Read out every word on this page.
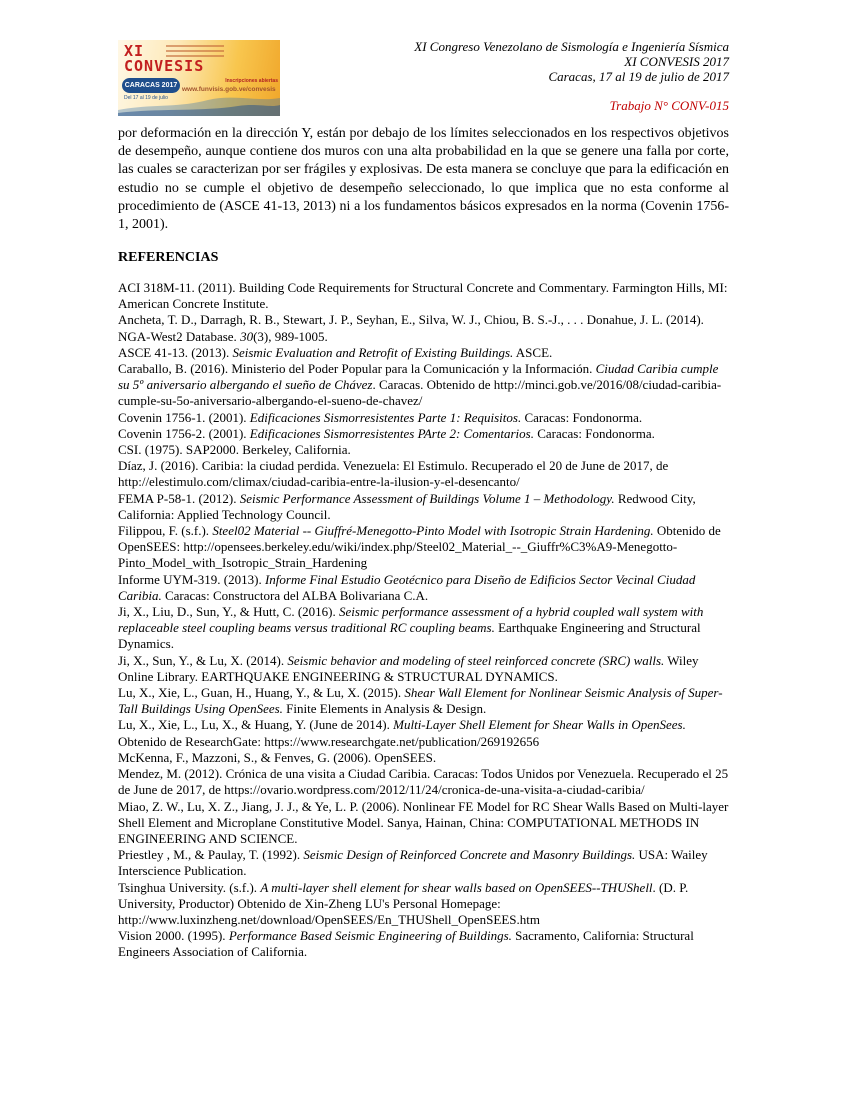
XI
CONVESIS
CARACAS 2017
Del 17 al 19 de julio
Inscripciones abiertas
www.funvisis.gob.ve/convesis
XI Congreso Venezolano de Sismología e Ingeniería Sísmica
XI CONVESIS 2017
Caracas, 17 al 19 de julio de 2017
Trabajo N° CONV-015
por deformación en la dirección Y, están por debajo de los límites seleccionados en los respectivos objetivos de desempeño, aunque contiene dos muros con una alta probabilidad en la que se genere una falla por corte, las cuales se caracterizan por ser frágiles y explosivas. De esta manera se concluye que para la edificación en estudio no se cumple el objetivo de desempeño seleccionado, lo que implica que no esta conforme al procedimiento de (ASCE 41-13, 2013) ni a los fundamentos básicos expresados en la norma (Covenin 1756-1, 2001).
REFERENCIAS

ACI 318M-11. (2011). Building Code Requirements for Structural Concrete and Commentary. Farmington Hills, MI: American Concrete Institute.

Ancheta, T. D., Darragh, R. B., Stewart, J. P., Seyhan, E., Silva, W. J., Chiou, B. S.-J., . . . Donahue, J. L. (2014). NGA-West2 Database. 30(3), 989-1005.

ASCE 41-13. (2013). Seismic Evaluation and Retrofit of Existing Buildings. ASCE.

Caraballo, B. (2016). Ministerio del Poder Popular para la Comunicación y la Información. Ciudad Caribia cumple su 5º aniversario albergando el sueño de Chávez. Caracas. Obtenido de http://minci.gob.ve/2016/08/ciudad-caribia-cumple-su-5o-aniversario-albergando-el-sueno-de-chavez/

Covenin 1756-1. (2001). Edificaciones Sismorresistentes Parte 1: Requisitos. Caracas: Fondonorma.

Covenin 1756-2. (2001). Edificaciones Sismorresistentes PArte 2: Comentarios. Caracas: Fondonorma.

CSI. (1975). SAP2000. Berkeley, California.

Díaz, J. (2016). Caribia: la ciudad perdida. Venezuela: El Estimulo. Recuperado el 20 de June de 2017, de http://elestimulo.com/climax/ciudad-caribia-entre-la-ilusion-y-el-desencanto/

FEMA P-58-1. (2012). Seismic Performance Assessment of Buildings Volume 1 – Methodology. Redwood City, California: Applied Technology Council.

Filippou, F. (s.f.). Steel02 Material -- Giuffré-Menegotto-Pinto Model with Isotropic Strain Hardening. Obtenido de OpenSEES: http://opensees.berkeley.edu/wiki/index.php/Steel02_Material_--_Giuffr%C3%A9-Menegotto-Pinto_Model_with_Isotropic_Strain_Hardening

Informe UYM-319. (2013). Informe Final Estudio Geotécnico para Diseño de Edificios Sector Vecinal Ciudad Caribia. Caracas: Constructora del ALBA Bolivariana C.A.

Ji, X., Liu, D., Sun, Y., & Hutt, C. (2016). Seismic performance assessment of a hybrid coupled wall system with replaceable steel coupling beams versus traditional RC coupling beams. Earthquake Engineering and Structural Dynamics.

Ji, X., Sun, Y., & Lu, X. (2014). Seismic behavior and modeling of steel reinforced concrete (SRC) walls. Wiley Online Library. EARTHQUAKE ENGINEERING & STRUCTURAL DYNAMICS.

Lu, X., Xie, L., Guan, H., Huang, Y., & Lu, X. (2015). Shear Wall Element for Nonlinear Seismic Analysis of Super-Tall Buildings Using OpenSees. Finite Elements in Analysis & Design.

Lu, X., Xie, L., Lu, X., & Huang, Y. (June de 2014). Multi-Layer Shell Element for Shear Walls in OpenSees. Obtenido de ResearchGate: https://www.researchgate.net/publication/269192656

McKenna, F., Mazzoni, S., & Fenves, G. (2006). OpenSEES.

Mendez, M. (2012). Crónica de una visita a Ciudad Caribia. Caracas: Todos Unidos por Venezuela. Recuperado el 25 de June de 2017, de https://ovario.wordpress.com/2012/11/24/cronica-de-una-visita-a-ciudad-caribia/

Miao, Z. W., Lu, X. Z., Jiang, J. J., & Ye, L. P. (2006). Nonlinear FE Model for RC Shear Walls Based on Multi-layer Shell Element and Microplane Constitutive Model. Sanya, Hainan, China: COMPUTATIONAL METHODS IN ENGINEERING AND SCIENCE.

Priestley , M., & Paulay, T. (1992). Seismic Design of Reinforced Concrete and Masonry Buildings. USA: Wailey Interscience Publication.

Tsinghua University. (s.f.). A multi-layer shell element for shear walls based on OpenSEES--THUShell. (D. P. University, Productor) Obtenido de Xin-Zheng LU's Personal Homepage: http://www.luxinzheng.net/download/OpenSEES/En_THUShell_OpenSEES.htm

Vision 2000. (1995). Performance Based Seismic Engineering of Buildings. Sacramento, California: Structural Engineers Association of California.
